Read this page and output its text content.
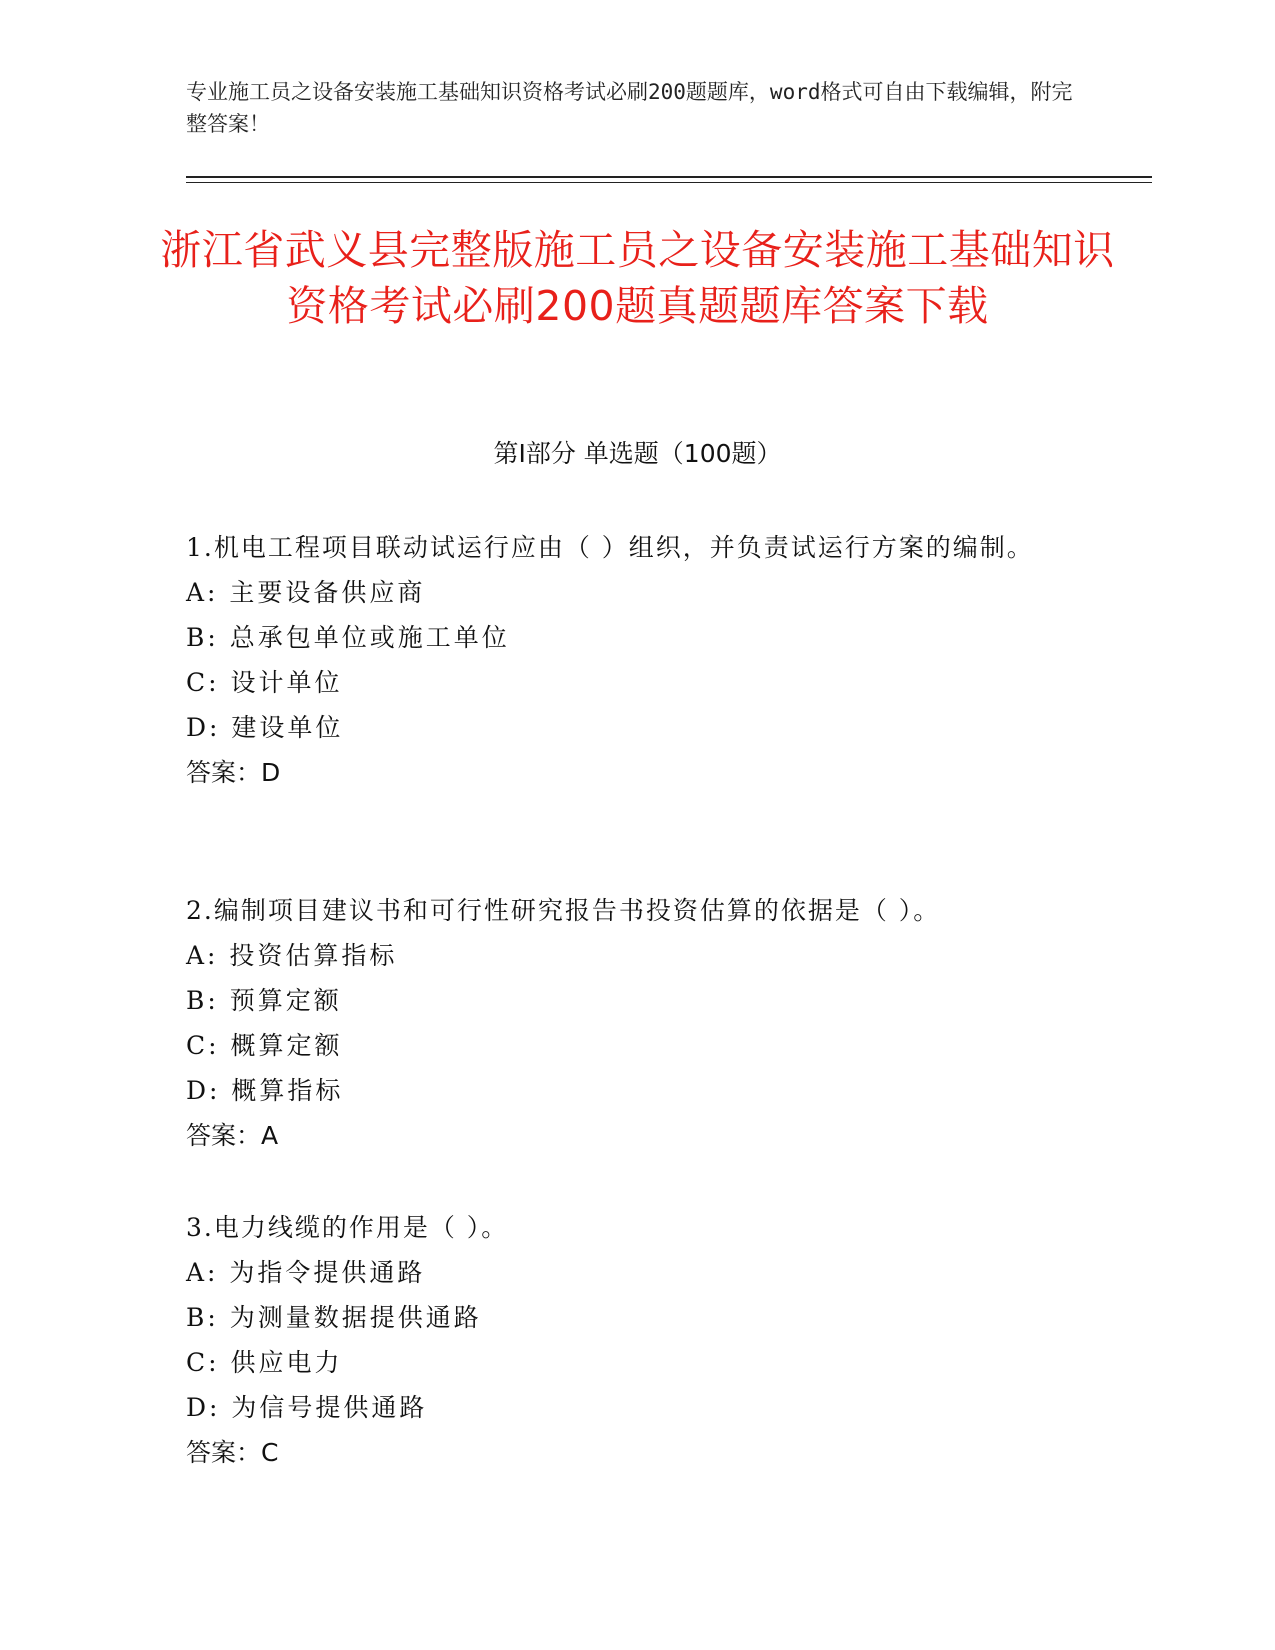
专业施工员之设备安装施工基础知识资格考试必刷200题题库，word格式可自由下载编辑，附完整答案！
浙江省武义县完整版施工员之设备安装施工基础知识资格考试必刷200题真题题库答案下载
第I部分 单选题（100题）

1.机电工程项目联动试运行应由（ ）组织，并负责试运行方案的编制。

A: 主要设备供应商

B: 总承包单位或施工单位

C: 设计单位

D: 建设单位

答案：D

2.编制项目建议书和可行性研究报告书投资估算的依据是（ ）。

A: 投资估算指标

B: 预算定额

C: 概算定额

D: 概算指标

答案：A

3.电力线缆的作用是（ ）。

A: 为指令提供通路

B: 为测量数据提供通路

C: 供应电力

D: 为信号提供通路

答案：C
